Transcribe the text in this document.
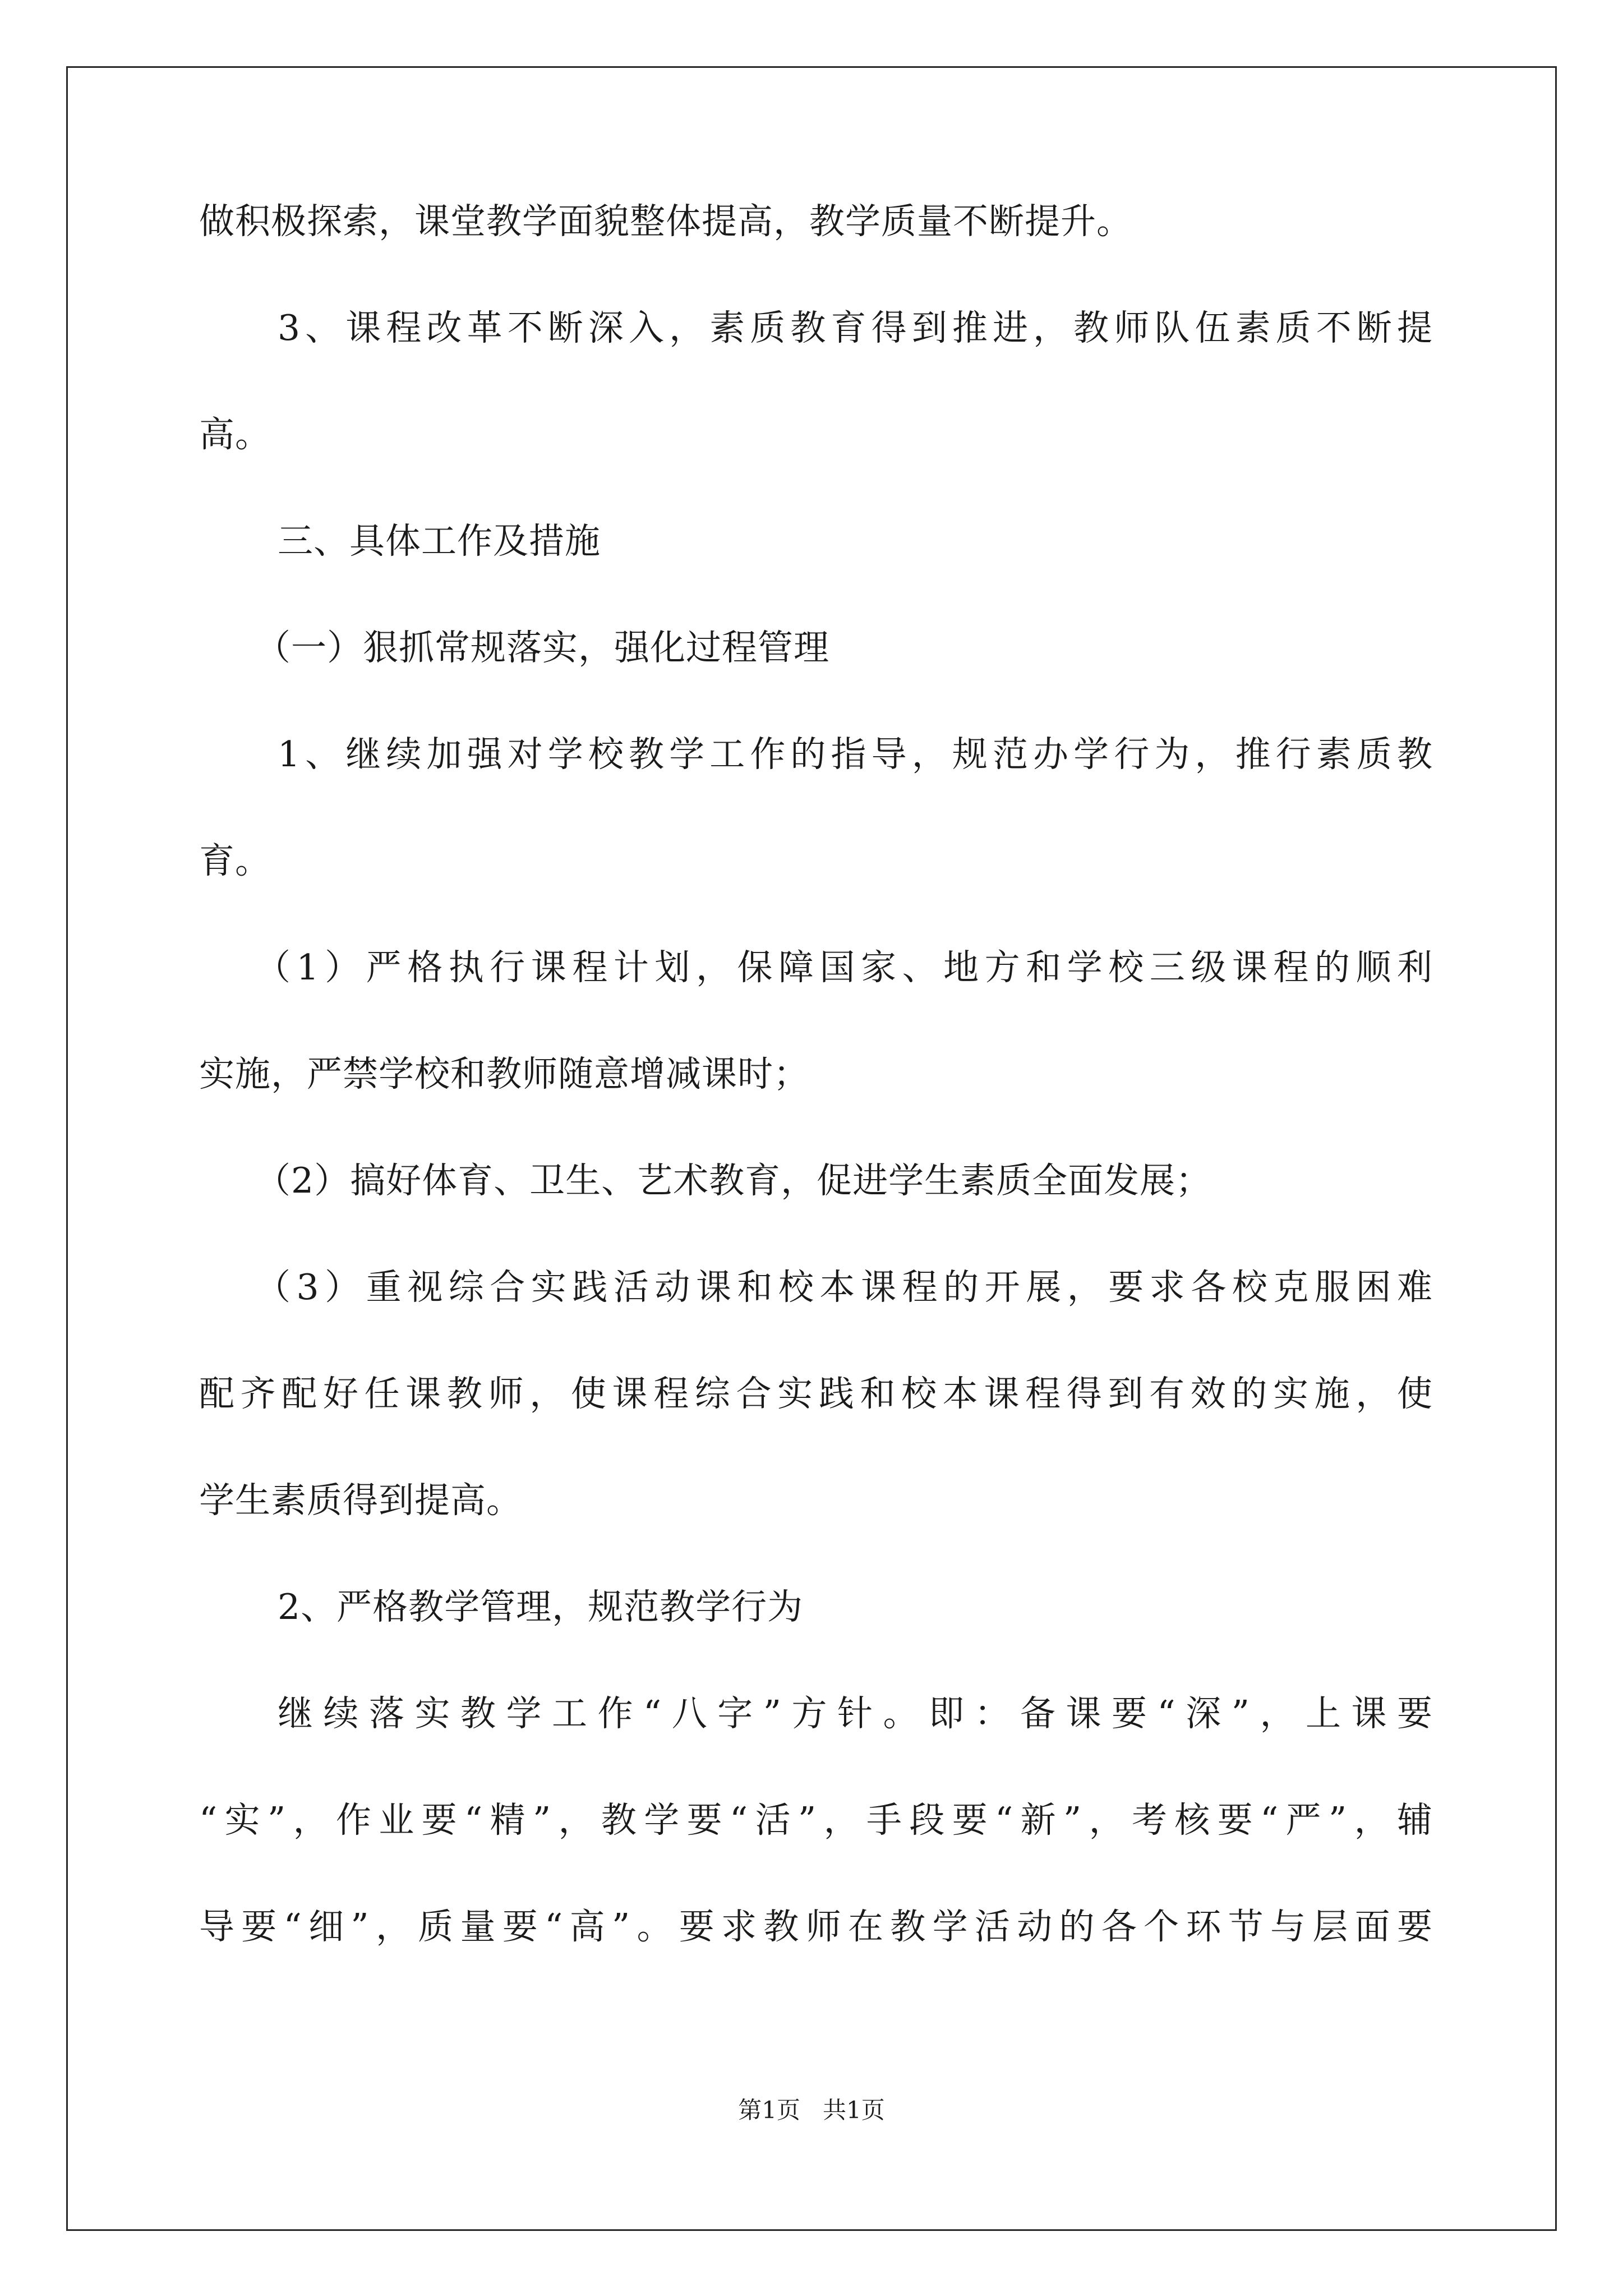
做积极探索，课堂教学面貌整体提高，教学质量不断提升。
3、课程改革不断深入，素质教育得到推进，教师队伍素质不断提
高。
三、具体工作及措施
（一）狠抓常规落实，强化过程管理
1、继续加强对学校教学工作的指导，规范办学行为，推行素质教
育。
（1）严格执行课程计划，保障国家、地方和学校三级课程的顺利
实施，严禁学校和教师随意增减课时；
（2）搞好体育、卫生、艺术教育，促进学生素质全面发展；
（3）重视综合实践活动课和校本课程的开展，要求各校克服困难
配齐配好任课教师，使课程综合实践和校本课程得到有效的实施，使
学生素质得到提高。
2、严格教学管理，规范教学行为
继续落实教学工作“八字”方针。即：备课要“深”，上课要
“实”，作业要“精”，教学要“活”，手段要“新”，考核要“严”，辅
导要“细”，质量要“高”。要求教师在教学活动的各个环节与层面要
第1页   共1页
